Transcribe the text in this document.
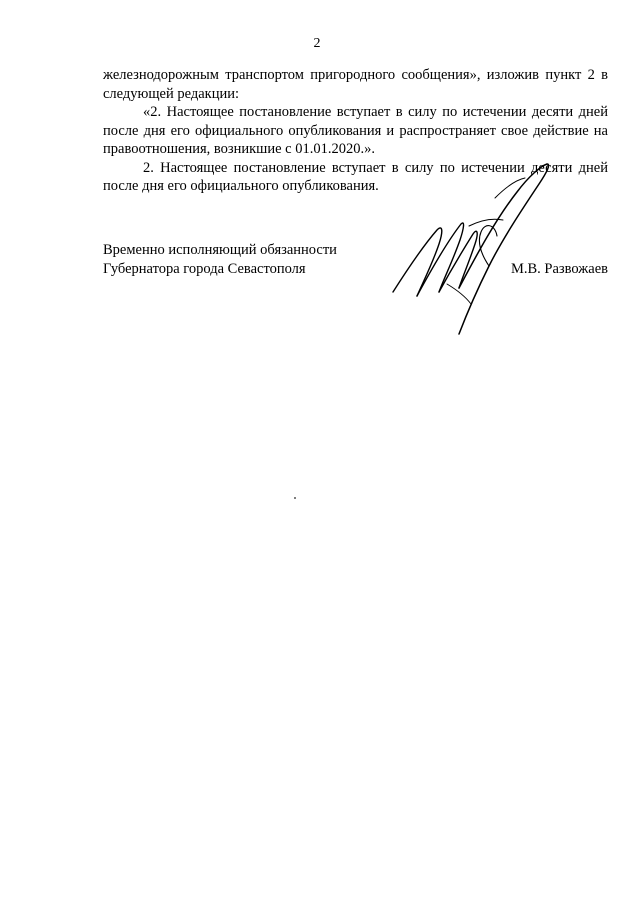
2

железнодорожным транспортом пригородного сообщения», изложив пункт 2 в следующей редакции:

«2. Настоящее постановление вступает в силу по истечении десяти дней после дня его официального опубликования и распространяет свое действие на правоотношения, возникшие с 01.01.2020.».

2. Настоящее постановление вступает в силу по истечении десяти дней после дня его официального опубликования.

Временно исполняющий обязанности
Губернатора города Севастополя	М.В. Развожаев
